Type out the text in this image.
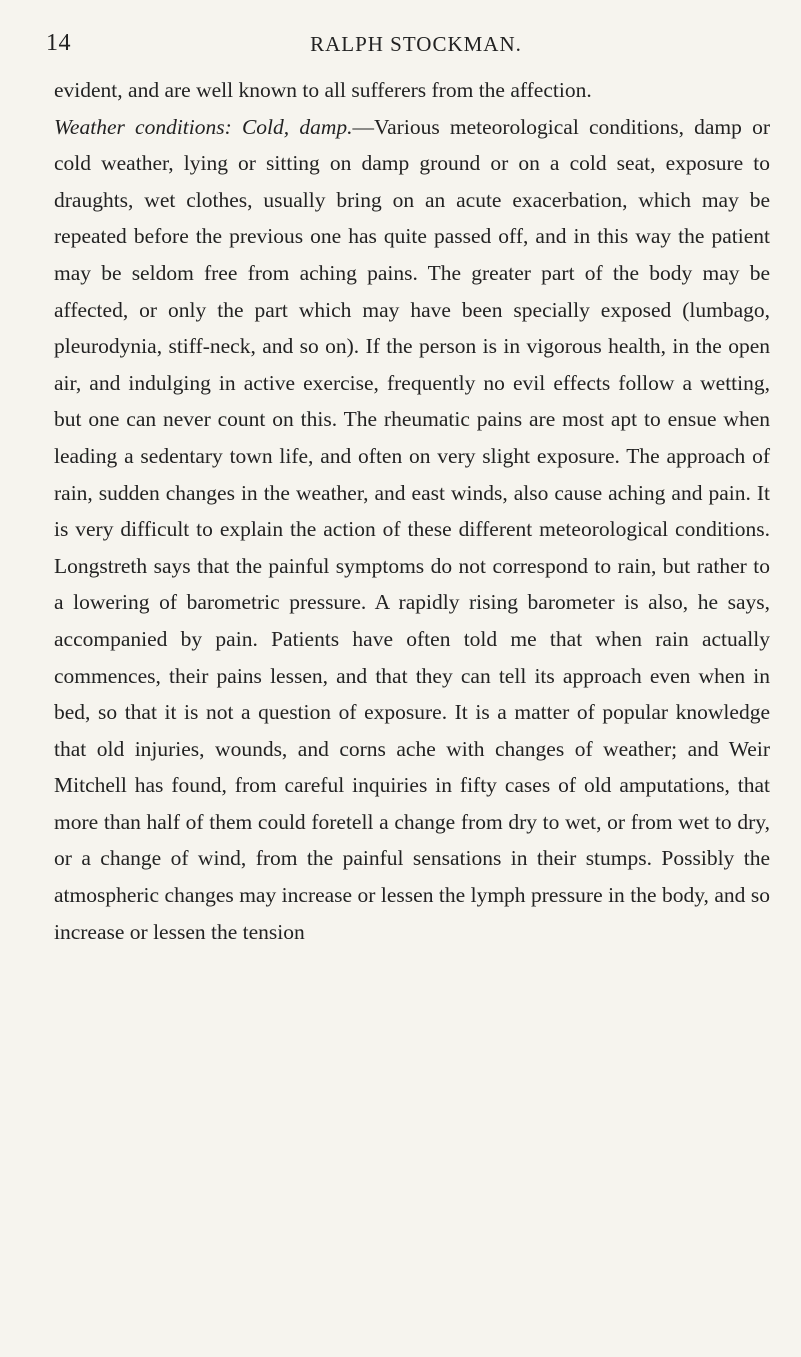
14	RALPH STOCKMAN.

evident, and are well known to all sufferers from the affection.

Weather conditions: Cold, damp.—Various meteorological conditions, damp or cold weather, lying or sitting on damp ground or on a cold seat, exposure to draughts, wet clothes, usually bring on an acute exacerbation, which may be repeated before the previous one has quite passed off, and in this way the patient may be seldom free from aching pains. The greater part of the body may be affected, or only the part which may have been specially exposed (lumbago, pleurodynia, stiff-neck, and so on). If the person is in vigorous health, in the open air, and indulging in active exercise, frequently no evil effects follow a wetting, but one can never count on this. The rheumatic pains are most apt to ensue when leading a sedentary town life, and often on very slight exposure. The approach of rain, sudden changes in the weather, and east winds, also cause aching and pain. It is very difficult to explain the action of these different meteorological conditions. Longstreth says that the painful symptoms do not correspond to rain, but rather to a lowering of barometric pressure. A rapidly rising barometer is also, he says, accompanied by pain. Patients have often told me that when rain actually commences, their pains lessen, and that they can tell its approach even when in bed, so that it is not a question of exposure. It is a matter of popular knowledge that old injuries, wounds, and corns ache with changes of weather; and Weir Mitchell has found, from careful inquiries in fifty cases of old amputations, that more than half of them could foretell a change from dry to wet, or from wet to dry, or a change of wind, from the painful sensations in their stumps. Possibly the atmospheric changes may increase or lessen the lymph pressure in the body, and so increase or lessen the tension
